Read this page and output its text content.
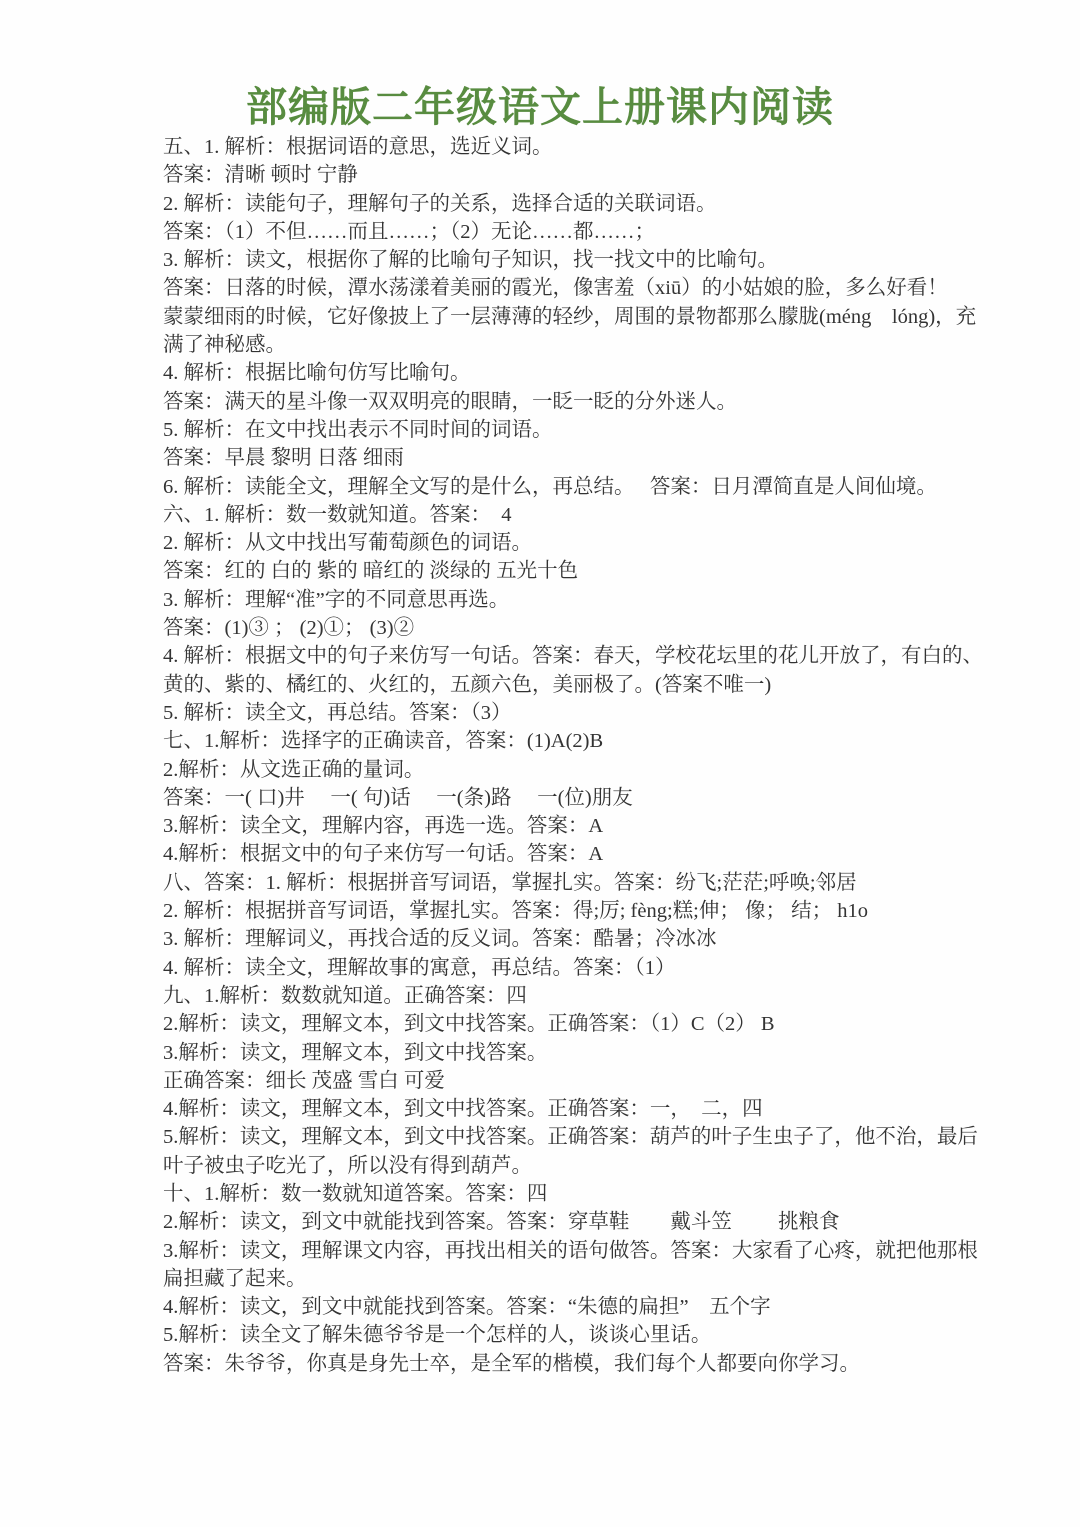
部编版二年级语文上册课内阅读
五、1. 解析：根据词语的意思，选近义词。
答案：清晰 顿时 宁静
2. 解析：读能句子，理解句子的关系，选择合适的关联词语。
答案：（1）不但……而且……；（2）无论……都……；
3. 解析：读文，根据你了解的比喻句子知识，找一找文中的比喻句。
答案：日落的时候，潭水荡漾着美丽的霞光，像害羞（xiū）的小姑娘的脸，多么好看！
蒙蒙细雨的时候，它好像披上了一层薄薄的轻纱，周围的景物都那么朦胧(méng　lóng)，充
满了神秘感。
4. 解析：根据比喻句仿写比喻句。
答案：满天的星斗像一双双明亮的眼睛，一眨一眨的分外迷人。
5. 解析：在文中找出表示不同时间的词语。
答案：早晨 黎明 日落 细雨
6. 解析：读能全文，理解全文写的是什么，再总结。　 答案：日月潭简直是人间仙境。
六、1. 解析：数一数就知道。答案：　4
2. 解析：从文中找出写葡萄颜色的词语。
答案：红的 白的 紫的 暗红的 淡绿的 五光十色
3. 解析：理解“准”字的不同意思再选。
答案：(1)③ ； (2)①； (3)②
4. 解析：根据文中的句子来仿写一句话。答案：春天，学校花坛里的花儿开放了，有白的、
黄的、紫的、橘红的、火红的，五颜六色，美丽极了。(答案不唯一)
5. 解析：读全文，再总结。答案：（3）
七、1.解析：选择字的正确读音，答案：(1)A(2)B
2.解析：从文选正确的量词。
答案：一( 口)井　 一( 句)话　 一(条)路　 一(位)朋友
3.解析：读全文，理解内容，再选一选。答案：A
4.解析：根据文中的句子来仿写一句话。答案：A
八、答案：1. 解析：根据拼音写词语，掌握扎实。答案：纷飞;茫茫;呼唤;邻居
2. 解析：根据拼音写词语，掌握扎实。答案：得;厉; fèng;糕;伸； 像； 结； h1o
3. 解析：理解词义，再找合适的反义词。答案：酷暑；冷冰冰
4. 解析：读全文，理解故事的寓意，再总结。答案：（1）
九、1.解析：数数就知道。正确答案：四
2.解析：读文，理解文本，到文中找答案。正确答案：（1）C（2） B
3.解析：读文，理解文本，到文中找答案。
正确答案：细长 茂盛 雪白 可爱
4.解析：读文，理解文本，到文中找答案。正确答案：一，　二，四
5.解析：读文，理解文本，到文中找答案。正确答案：葫芦的叶子生虫子了，他不治，最后
叶子被虫子吃光了，所以没有得到葫芦。
十、1.解析：数一数就知道答案。答案：四
2.解析：读文，到文中就能找到答案。答案：穿草鞋　　戴斗笠　　 挑粮食
3.解析：读文，理解课文内容，再找出相关的语句做答。答案：大家看了心疼，就把他那根
扁担藏了起来。
4.解析：读文，到文中就能找到答案。答案：“朱德的扁担”　五个字
5.解析：读全文了解朱德爷爷是一个怎样的人，谈谈心里话。
答案：朱爷爷，你真是身先士卒，是全军的楷模，我们每个人都要向你学习。
